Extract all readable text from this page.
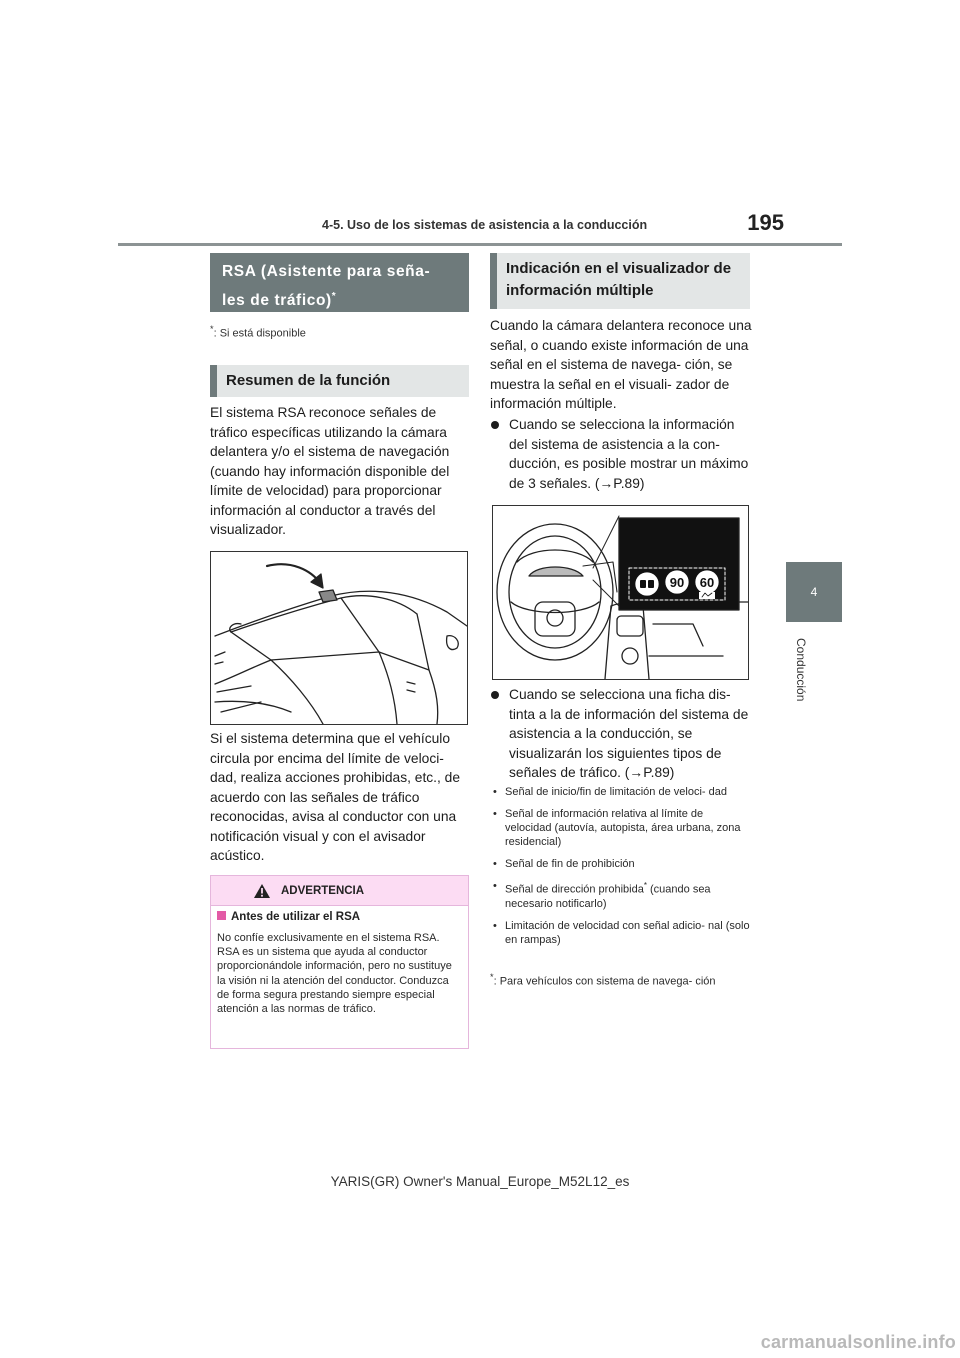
4-5. Uso de los sistemas de asistencia a la conducción	195
4
Conducción
RSA (Asistente para seña-
les de tráfico)*
*: Si está disponible
Resumen de la función
El sistema RSA reconoce señales de tráfico específicas utilizando la cámara delantera y/o el sistema de navegación (cuando hay información disponible del límite de velocidad) para proporcionar información al conductor a través del visualizador.
Si el sistema determina que el vehículo circula por encima del límite de veloci- dad, realiza acciones prohibidas, etc., de acuerdo con las señales de tráfico reconocidas, avisa al conductor con una notificación visual y con el avisador acústico.
ADVERTENCIA
Antes de utilizar el RSA
No confíe exclusivamente en el sistema RSA. RSA es un sistema que ayuda al conductor proporcionándole información, pero no sustituye la visión ni la atención del conductor. Conduzca de forma segura prestando siempre especial atención a las normas de tráfico.
Indicación en el visualizador de información múltiple
Cuando la cámara delantera reconoce una señal, o cuando existe información de una señal en el sistema de navega- ción, se muestra la señal en el visuali- zador de información múltiple.
Cuando se selecciona la información del sistema de asistencia a la con- ducción, es posible mostrar un máximo de 3 señales. (→P.89)
90 60
Cuando se selecciona una ficha dis- tinta a la de información del sistema de asistencia a la conducción, se visualizarán los siguientes tipos de señales de tráfico. (→P.89)
• Señal de inicio/fin de limitación de veloci- dad
• Señal de información relativa al límite de velocidad (autovía, autopista, área urbana, zona residencial)
• Señal de fin de prohibición
• Señal de dirección prohibida* (cuando sea necesario notificarlo)
• Limitación de velocidad con señal adicio- nal (solo en rampas)
*: Para vehículos con sistema de navega- ción
YARIS(GR) Owner's Manual_Europe_M52L12_es
carmanualsonline.info
